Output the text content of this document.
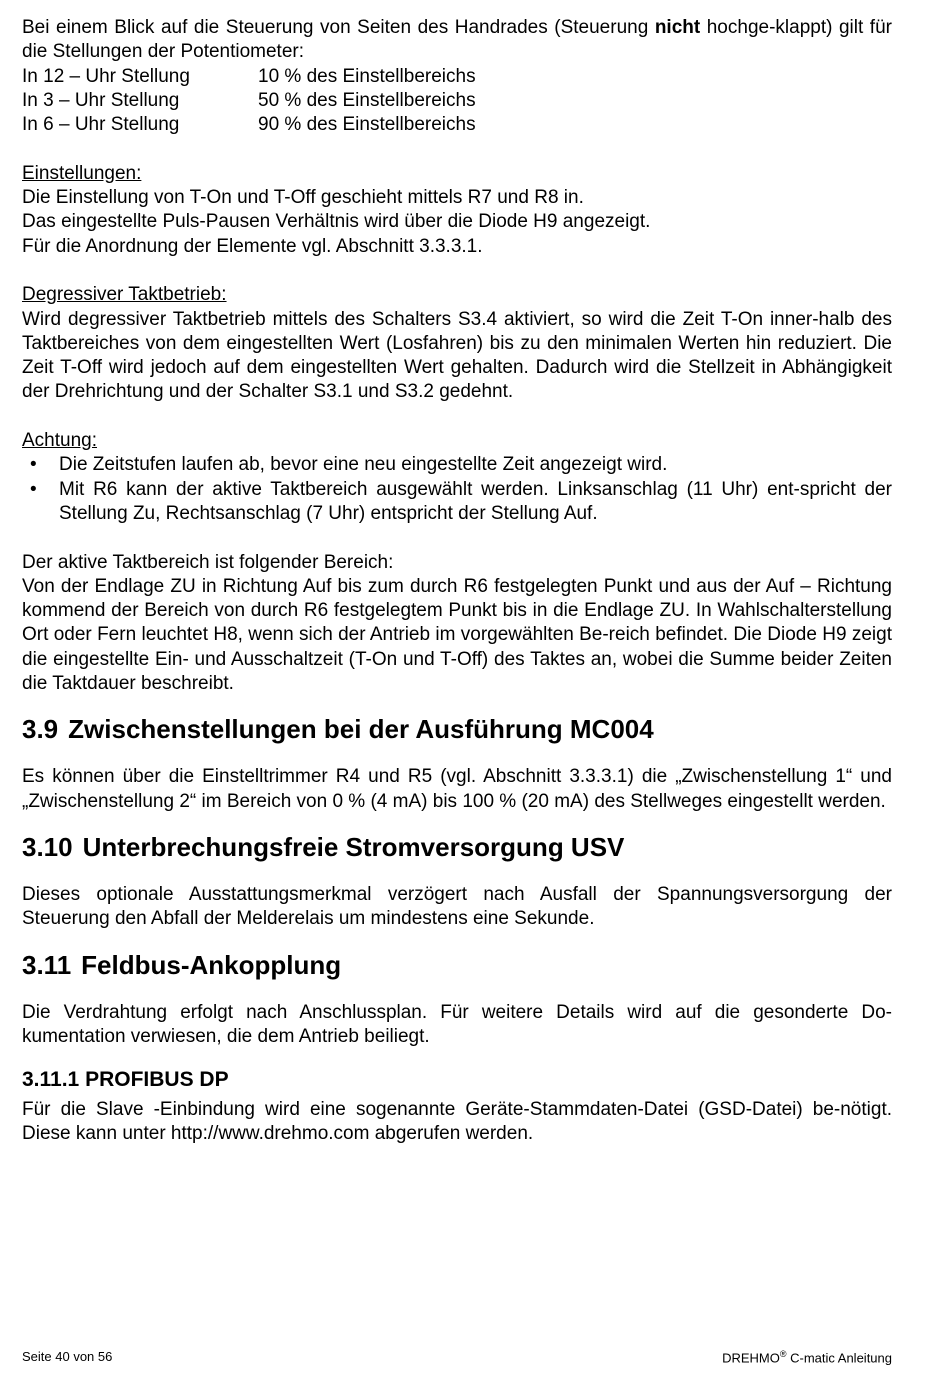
Bei einem Blick auf die Steuerung von Seiten des Handrades (Steuerung nicht hochge-klappt) gilt für die Stellungen der Potentiometer:

In 12 – Uhr Stellung	10 % des Einstellbereichs
In 3 – Uhr Stellung	50 % des Einstellbereichs
In 6 – Uhr Stellung	90 % des Einstellbereichs

Einstellungen:

Die Einstellung von T-On und T-Off geschieht mittels R7 und R8 in.

Das eingestellte Puls-Pausen Verhältnis wird über die Diode H9 angezeigt.

Für die Anordnung der Elemente vgl. Abschnitt 3.3.3.1.

Degressiver Taktbetrieb:

Wird degressiver Taktbetrieb mittels des Schalters S3.4 aktiviert, so wird die Zeit T-On inner-halb des Taktbereiches von dem eingestellten Wert (Losfahren) bis zu den minimalen Werten hin reduziert. Die Zeit T-Off wird jedoch auf dem eingestellten Wert gehalten. Dadurch wird die Stellzeit in Abhängigkeit der Drehrichtung und der Schalter S3.1 und S3.2 gedehnt.

Achtung:

• Die Zeitstufen laufen ab, bevor eine neu eingestellte Zeit angezeigt wird.
• Mit R6 kann der aktive Taktbereich ausgewählt werden. Linksanschlag (11 Uhr) ent-spricht der Stellung Zu, Rechtsanschlag (7 Uhr) entspricht der Stellung Auf.

Der aktive Taktbereich ist folgender Bereich:

Von der Endlage ZU in Richtung Auf bis zum durch R6 festgelegten Punkt und aus der Auf – Richtung kommend der Bereich von durch R6 festgelegtem Punkt bis in die Endlage ZU. In Wahlschalterstellung Ort oder Fern leuchtet H8, wenn sich der Antrieb im vorgewählten Be-reich befindet. Die Diode H9 zeigt die eingestellte Ein- und Ausschaltzeit (T-On und T-Off) des Taktes an, wobei die Summe beider Zeiten die Taktdauer beschreibt.

3.9 Zwischenstellungen bei der Ausführung MC004

Es können über die Einstelltrimmer R4 und R5 (vgl. Abschnitt 3.3.3.1) die „Zwischenstellung 1“ und „Zwischenstellung 2“ im Bereich von 0 % (4 mA) bis 100 % (20 mA) des Stellweges eingestellt werden.

3.10 Unterbrechungsfreie Stromversorgung USV

Dieses optionale Ausstattungsmerkmal verzögert nach Ausfall der Spannungsversorgung der Steuerung den Abfall der Melderelais um mindestens eine Sekunde.

3.11 Feldbus-Ankopplung

Die Verdrahtung erfolgt nach Anschlussplan. Für weitere Details wird auf die gesonderte Do-kumentation verwiesen, die dem Antrieb beiliegt.

3.11.1 PROFIBUS DP

Für die Slave -Einbindung wird eine sogenannte Geräte-Stammdaten-Datei (GSD-Datei) be-nötigt. Diese kann unter http://www.drehmo.com abgerufen werden.

Seite 40 von 56	DREHMO® C-matic Anleitung
